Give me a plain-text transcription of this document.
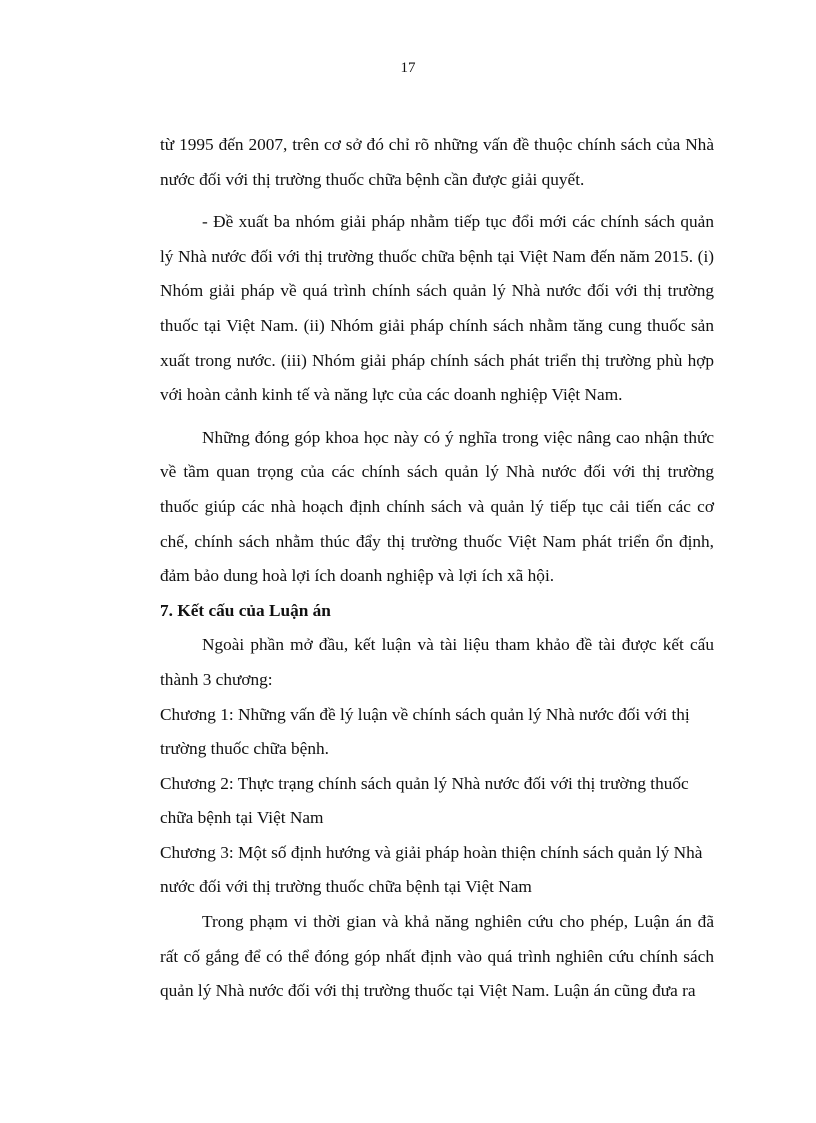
17

từ 1995 đến 2007, trên cơ sở đó chỉ rõ những vấn đề thuộc chính sách của Nhà nước đối với thị trường thuốc chữa bệnh cần được giải quyết.

- Đề xuất ba nhóm giải pháp nhằm tiếp tục đổi mới các chính sách quản lý Nhà nước đối với thị trường thuốc chữa bệnh tại Việt Nam đến năm 2015. (i) Nhóm giải pháp về quá trình chính sách quản lý Nhà nước đối với thị trường thuốc tại Việt Nam. (ii) Nhóm giải pháp chính sách nhằm tăng cung thuốc sản xuất trong nước. (iii) Nhóm giải pháp chính sách phát triển thị trường phù hợp với hoàn cảnh kinh tế và năng lực của các doanh nghiệp Việt Nam.

Những đóng góp khoa học này có ý nghĩa trong việc nâng cao nhận thức về tầm quan trọng của các chính sách quản lý Nhà nước đối với thị trường thuốc giúp các nhà hoạch định chính sách và quản lý tiếp tục cải tiến các cơ chế, chính sách nhằm thúc đẩy thị trường thuốc Việt Nam phát triển ổn định, đảm bảo dung hoà lợi ích doanh nghiệp và lợi ích xã hội.

7. Kết cấu của Luận án

Ngoài phần mở đầu, kết luận và tài liệu tham khảo đề tài được kết cấu thành 3 chương:

Chương 1: Những vấn đề lý luận về chính sách quản lý Nhà nước đối với thị trường thuốc chữa bệnh.

Chương 2: Thực trạng chính sách quản lý Nhà nước đối với thị trường thuốc chữa bệnh tại Việt Nam

Chương 3: Một số định hướng và giải pháp hoàn thiện chính sách quản lý Nhà nước đối với thị trường thuốc chữa bệnh tại Việt Nam

Trong phạm vi thời gian và khả năng nghiên cứu cho phép, Luận án đã rất cố gắng để có thể đóng góp nhất định vào quá trình nghiên cứu chính sách quản lý Nhà nước đối với thị trường thuốc tại Việt Nam. Luận án cũng đưa ra
